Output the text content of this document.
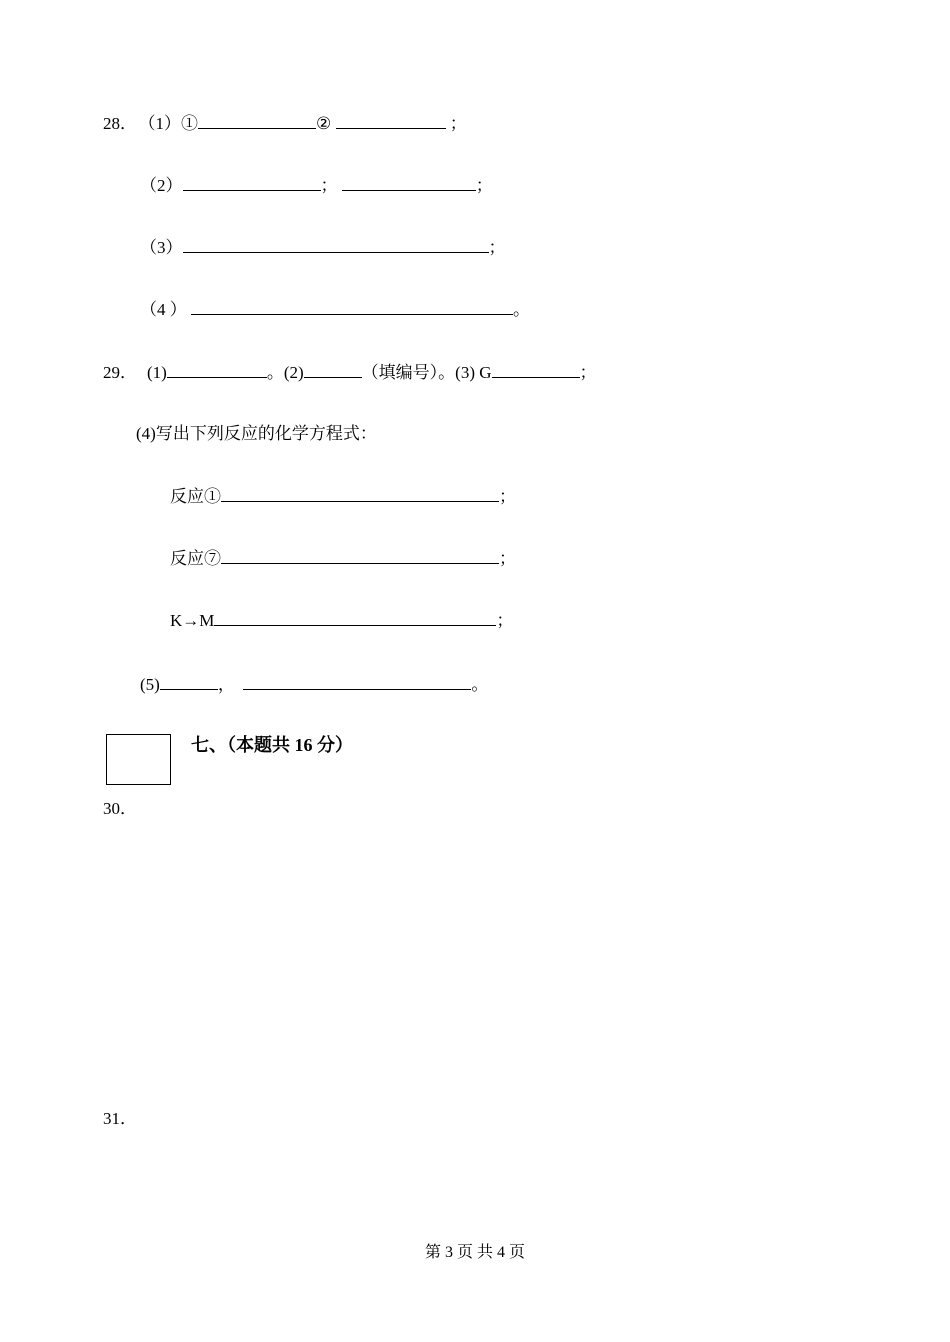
28． （1）①	②	；
（2）	；	；
（3）	；
（4 ）	。
29． (1)	。(2)	（填编号）。(3) G	；
(4)写出下列反应的化学方程式：
反应①	；
反应⑦	；
K→M	；
(5)	，	。
七、（本题共 16 分）
30．
31．
第 3 页 共 4 页
